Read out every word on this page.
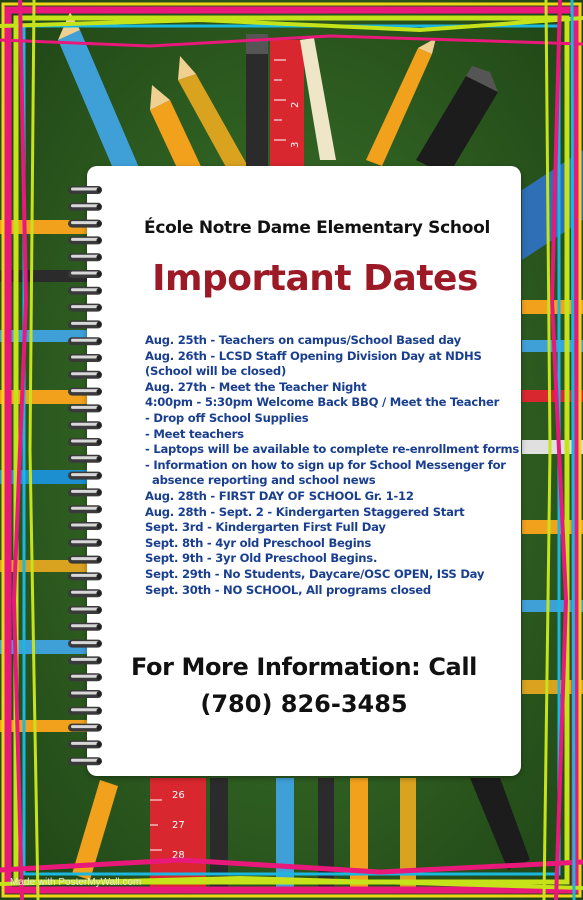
2
3
26
27
28
École Notre Dame Elementary School
Important Dates
Aug. 25th - Teachers on campus/School Based day
Aug. 26th - LCSD Staff Opening Division Day at NDHS
(School will be closed)
Aug. 27th - Meet the Teacher Night
4:00pm - 5:30pm Welcome Back BBQ / Meet the Teacher
- Drop off School Supplies
- Meet teachers
- Laptops will be available to complete re-enrollment forms
- Information on how to sign up for School Messenger for
absence reporting and school news
Aug. 28th - FIRST DAY OF SCHOOL Gr. 1-12
Aug. 28th - Sept. 2 - Kindergarten Staggered Start
Sept. 3rd - Kindergarten First Full Day
Sept. 8th - 4yr old Preschool Begins
Sept. 9th - 3yr Old Preschool Begins.
Sept. 29th - No Students, Daycare/OSC OPEN, ISS Day
Sept. 30th - NO SCHOOL, All programs closed
For More Information: Call
(780) 826-3485
Made with PosterMyWall.com
